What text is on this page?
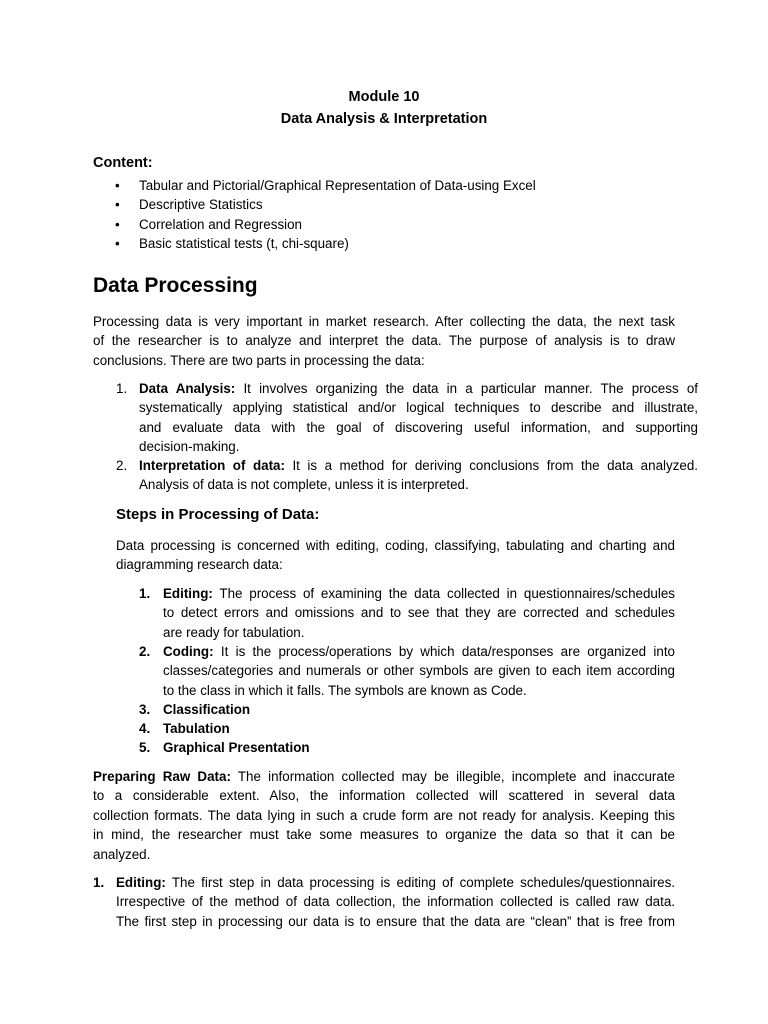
Module 10
Data Analysis & Interpretation
Content:
• Tabular and Pictorial/Graphical Representation of Data-using Excel
• Descriptive Statistics
• Correlation and Regression
• Basic statistical tests (t, chi-square)
Data Processing
Processing data is very important in market research. After collecting the data, the next task
of the researcher is to analyze and interpret the data. The purpose of analysis is to draw
conclusions. There are two parts in processing the data:
1. Data Analysis: It involves organizing the data in a particular manner. The process of
systematically applying statistical and/or logical techniques to describe and illustrate,
and evaluate data with the goal of discovering useful information, and supporting
decision-making.
2. Interpretation of data: It is a method for deriving conclusions from the data analyzed.
Analysis of data is not complete, unless it is interpreted.
Steps in Processing of Data:
Data processing is concerned with editing, coding, classifying, tabulating and charting and
diagramming research data:
1. Editing: The process of examining the data collected in questionnaires/schedules
to detect errors and omissions and to see that they are corrected and schedules
are ready for tabulation.
2. Coding: It is the process/operations by which data/responses are organized into
classes/categories and numerals or other symbols are given to each item according
to the class in which it falls. The symbols are known as Code.
3. Classification
4. Tabulation
5. Graphical Presentation
Preparing Raw Data: The information collected may be illegible, incomplete and inaccurate
to a considerable extent. Also, the information collected will scattered in several data
collection formats. The data lying in such a crude form are not ready for analysis. Keeping this
in mind, the researcher must take some measures to organize the data so that it can be
analyzed.
1. Editing: The first step in data processing is editing of complete schedules/questionnaires.
Irrespective of the method of data collection, the information collected is called raw data.
The first step in processing our data is to ensure that the data are “clean” that is free from
